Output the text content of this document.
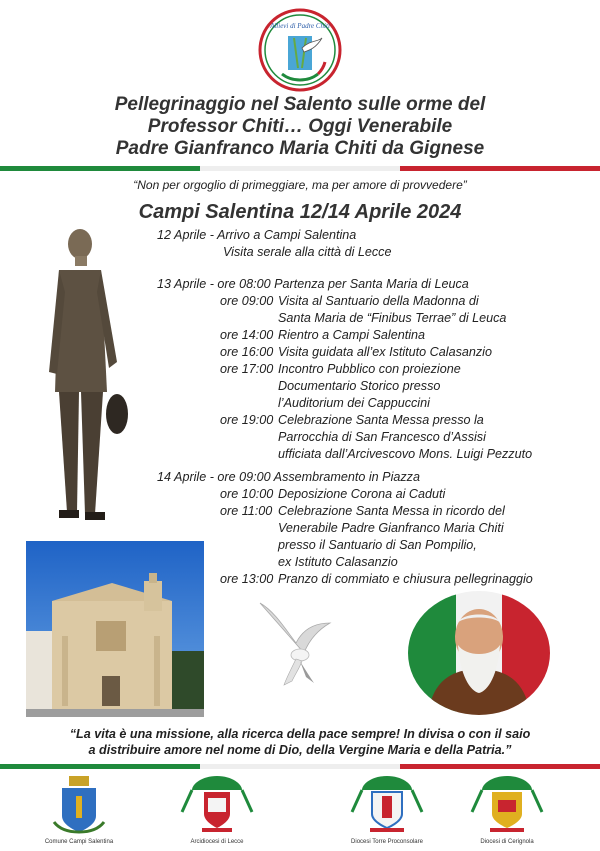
Allievi di Padre Chiti
Pellegrinaggio nel Salento sulle orme del
Professor Chiti… Oggi Venerabile
Padre Gianfranco Maria Chiti da Gignese
“Non per orgoglio di primeggiare, ma per amore di provvedere”
Campi Salentina 12/14 Aprile 2024
12 Aprile - Arrivo a Campi Salentina
Visita serale alla città di Lecce
13 Aprile - ore 08:00 Partenza per Santa Maria di Leuca
ore 09:00 Visita al Santuario della Madonna di
Santa Maria de “Finibus Terrae” di Leuca
ore 14:00 Rientro a Campi Salentina
ore 16:00 Visita guidata all’ex Istituto Calasanzio
ore 17:00 Incontro Pubblico con proiezione
Documentario Storico presso
l’Auditorium dei Cappuccini
ore 19:00 Celebrazione Santa Messa presso la
Parrocchia di San Francesco d’Assisi
ufficiata dall’Arcivescovo Mons. Luigi Pezzuto
14 Aprile - ore 09:00 Assembramento in Piazza
ore 10:00 Deposizione Corona ai Caduti
ore 11:00 Celebrazione Santa Messa in ricordo del
Venerabile Padre Gianfranco Maria Chiti
presso il Santuario di San Pompilio,
ex Istituto Calasanzio
ore 13:00 Pranzo di commiato e chiusura pellegrinaggio
“La vita è una missione, alla ricerca della pace sempre! In divisa o con il saio
a distribuire amore nel nome di Dio, della Vergine Maria e della Patria.”
Comune Campi Salentina	Arcidiocesi di Lecce	Diocesi Torre Proconsolare	Diocesi di Cerignola
